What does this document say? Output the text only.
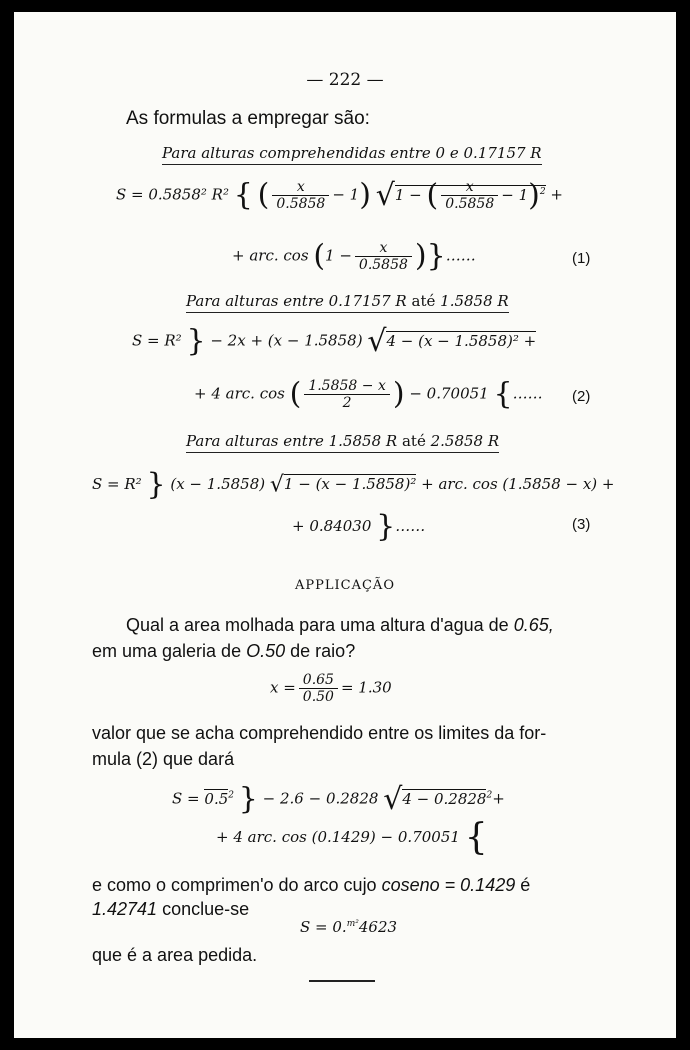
— 222 —
As formulas a empregar são:
Para alturas comprehendidas entre 0 e 0.17157 R
S = 0.5858² R² { ( $\frac{x}{0.5858} - 1$) √1 − ( $\frac{x}{0.5858} - 1)^2$ +
+ arc. $\cos (1 - \frac{x}{0.5858}$ )}……	(1)
Para alturas entre 0.17157 R até 1.5858 R
S = R² } − 2x + (x − 1.5858) √4 − (x − 1.5858)² +
+ 4 arc. cos ( $\frac{1.5858 - x}{2}$ ) − 0.70051 {…… (2)
Para alturas entre 1.5858 R até 2.5858 R
S = R² } (x − 1.5858) √1 − (x − 1.5858)² + arc. cos (1.5858 − x) +
+ 0.84030 }……	(3)
APPLICAÇÃO
Qual a area molhada para uma altura d'agua de 0.65,
em uma galeria de O.50 de raio?
$x = \frac{0.65}{0.50} = 1.30$
valor que se acha comprehendido entre os limites da for-
mula (2) que dará
$S = 0.5^2$ } − 2.6 − 0.2828 $√4 - 0.2828^2+$
+ 4 arc. cos (0.1429) − 0.70051 {
e como o comprimen'o do arco cujo coseno = 0.1429 é
1.42741 conclue-se
S = 0.$^{m^2}$4623
que é a area pedida.
